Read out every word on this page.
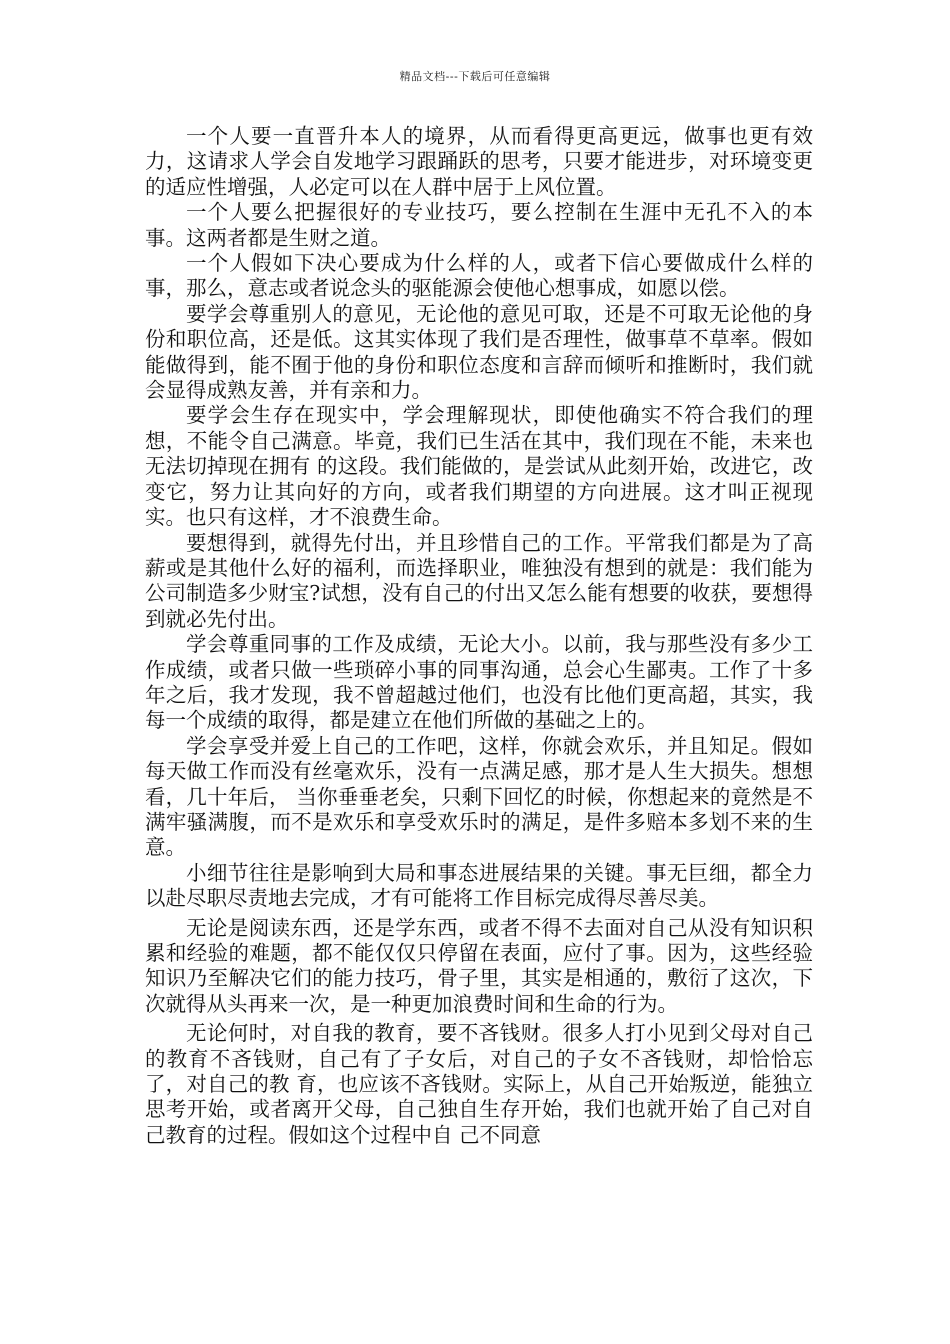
精品文档---下载后可任意编辑

一个人要一直晋升本人的境界，从而看得更高更远，做事也更有效力，这请求人学会自发地学习跟踊跃的思考，只要才能进步，对环境变更的适应性增强，人必定可以在人群中居于上风位置。

一个人要么把握很好的专业技巧，要么控制在生涯中无孔不入的本事。这两者都是生财之道。

一个人假如下决心要成为什么样的人，或者下信心要做成什么样的事，那么，意志或者说念头的驱能源会使他心想事成，如愿以偿。

要学会尊重别人的意见，无论他的意见可取，还是不可取无论他的身份和职位高，还是低。这其实体现了我们是否理性，做事草不草率。假如能做得到，能不囿于他的身份和职位态度和言辞而倾听和推断时，我们就会显得成熟友善，并有亲和力。

要学会生存在现实中，学会理解现状，即使他确实不符合我们的理想，不能令自己满意。毕竟，我们已生活在其中，我们现在不能，未来也无法切掉现在拥有 的这段。我们能做的，是尝试从此刻开始，改进它，改变它，努力让其向好的方向，或者我们期望的方向进展。这才叫正视现实。也只有这样，才不浪费生命。

要想得到，就得先付出，并且珍惜自己的工作。平常我们都是为了高薪或是其他什么好的福利，而选择职业，唯独没有想到的就是：我们能为公司制造多少财宝?试想，没有自己的付出又怎么能有想要的收获，要想得到就必先付出。

学会尊重同事的工作及成绩，无论大小。以前，我与那些没有多少工作成绩，或者只做一些琐碎小事的同事沟通，总会心生鄙夷。工作了十多年之后，我才发现，我不曾超越过他们，也没有比他们更高超，其实，我每一个成绩的取得，都是建立在他们所做的基础之上的。

学会享受并爱上自己的工作吧，这样，你就会欢乐，并且知足。假如每天做工作而没有丝毫欢乐，没有一点满足感，那才是人生大损失。想想看，几十年后， 当你垂垂老矣，只剩下回忆的时候，你想起来的竟然是不满牢骚满腹，而不是欢乐和享受欢乐时的满足，是件多赔本多划不来的生意。

小细节往往是影响到大局和事态进展结果的关键。事无巨细，都全力以赴尽职尽责地去完成，才有可能将工作目标完成得尽善尽美。

无论是阅读东西，还是学东西，或者不得不去面对自己从没有知识积累和经验的难题，都不能仅仅只停留在表面，应付了事。因为，这些经验知识乃至解决它们的能力技巧，骨子里，其实是相通的，敷衍了这次，下次就得从头再来一次，是一种更加浪费时间和生命的行为。

无论何时，对自我的教育，要不吝钱财。很多人打小见到父母对自己的教育不吝钱财，自己有了子女后，对自己的子女不吝钱财，却恰恰忘了，对自己的教 育，也应该不吝钱财。实际上，从自己开始叛逆，能独立思考开始，或者离开父母，自己独自生存开始，我们也就开始了自己对自己教育的过程。假如这个过程中自 己不同意
